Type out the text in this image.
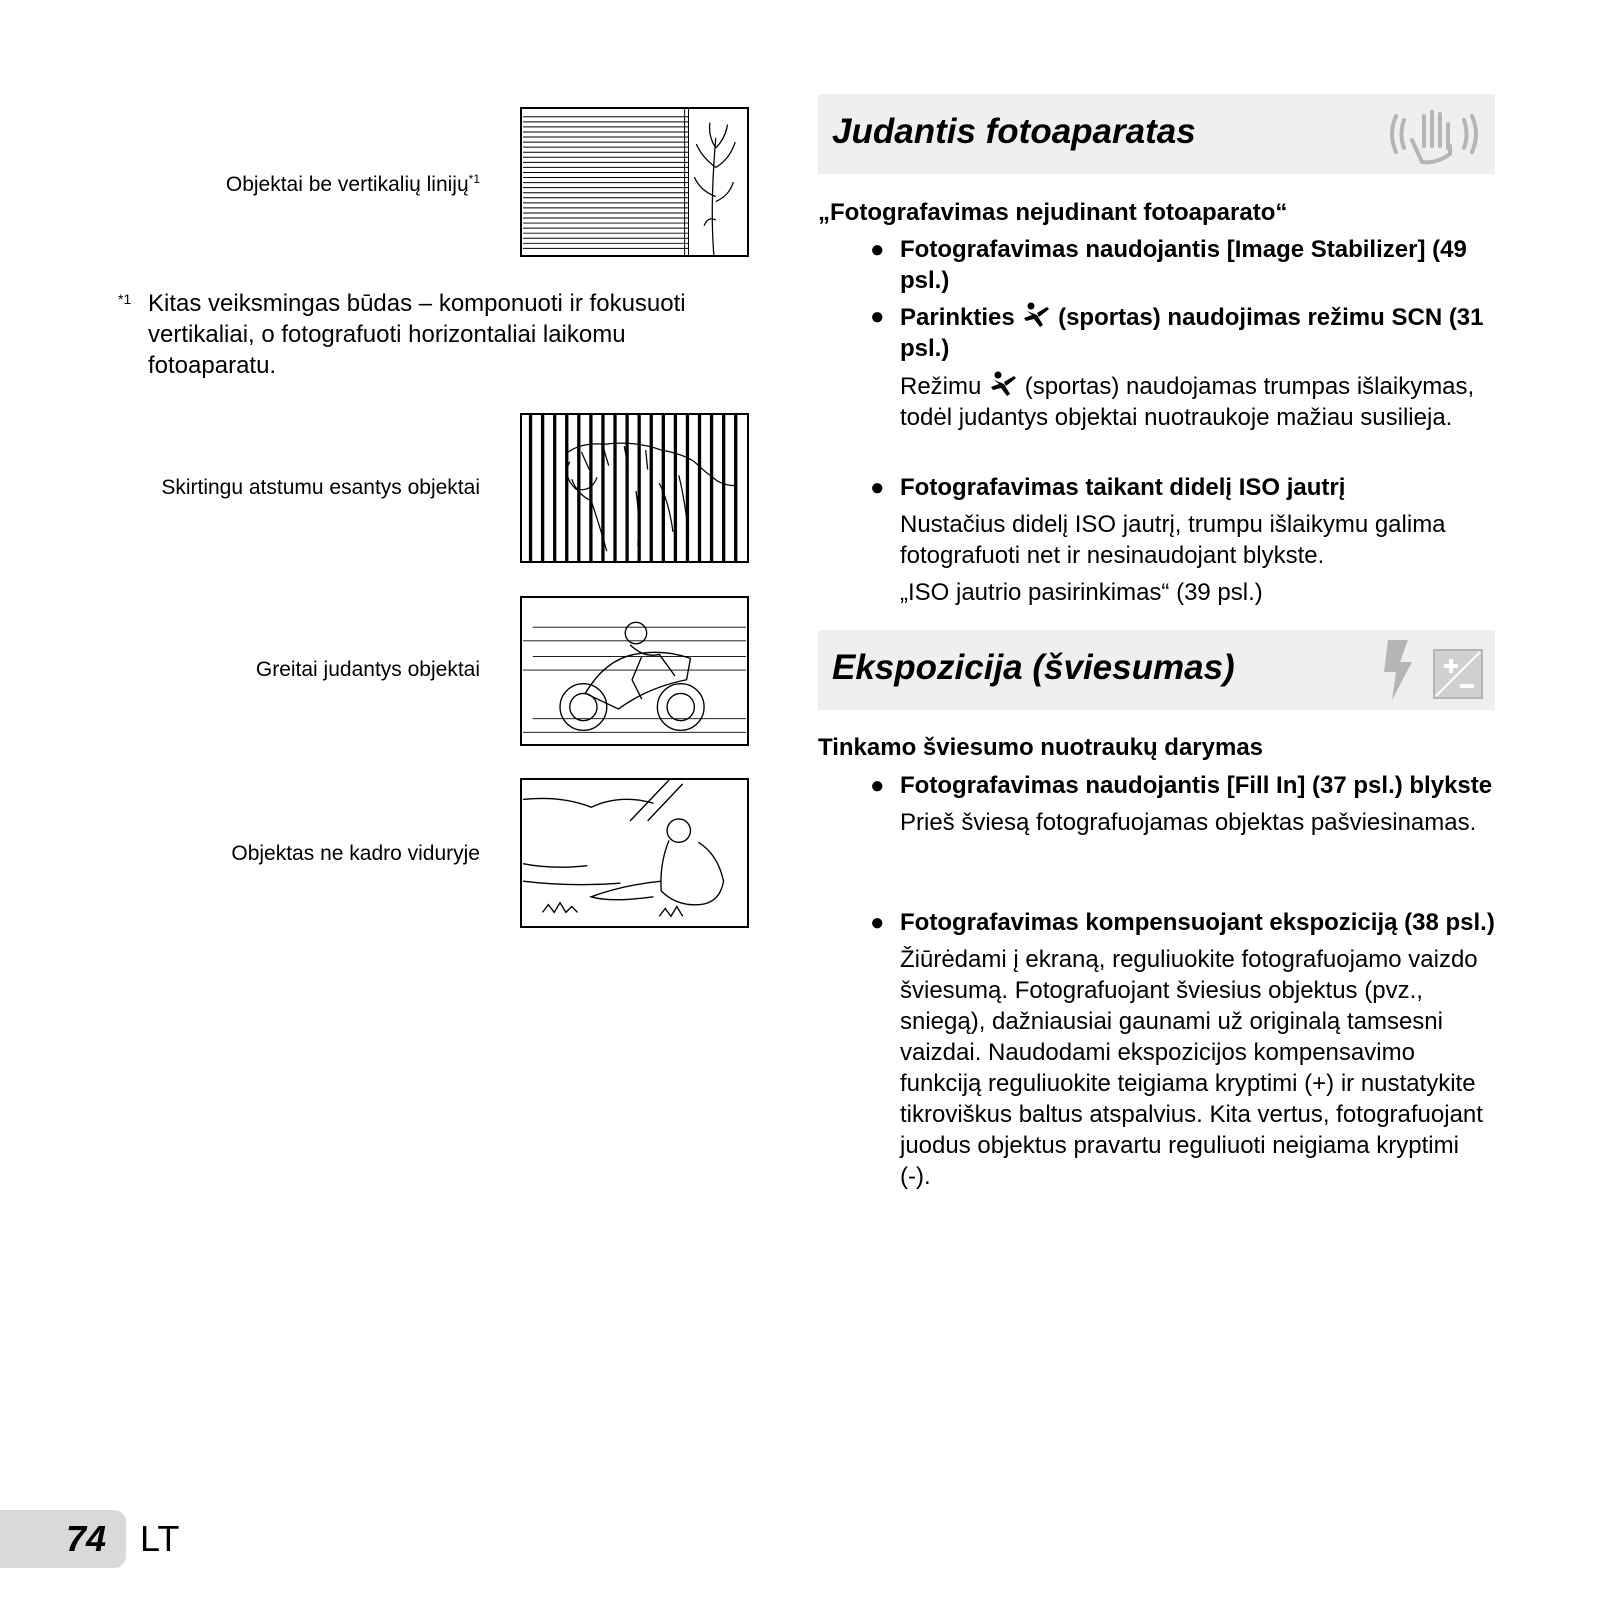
Objektai be vertikalių linijų$^{*1}$
*1 Kitas veiksmingas būdas – komponuoti ir fokusuoti vertikaliai, o fotografuoti horizontaliai laikomu fotoaparatu.
Skirtingu atstumu esantys objektai
Greitai judantys objektai
Objektas ne kadro viduryje
Judantis fotoaparatas
„Fotografavimas nejudinant fotoaparato“
● Fotografavimas naudojantis [Image Stabilizer] (49 psl.)
● Parinkties (sportas) naudojimas režimu SCN (31 psl.)
Režimu (sportas) naudojamas trumpas išlaikymas, todėl judantys objektai nuotraukoje mažiau susilieja.
● Fotografavimas taikant didelį ISO jautrį
Nustačius didelį ISO jautrį, trumpu išlaikymu galima fotografuoti net ir nesinaudojant blykste.
„ISO jautrio pasirinkimas“ (39 psl.)
Ekspozicija (šviesumas)
Tinkamo šviesumo nuotraukų darymas
● Fotografavimas naudojantis [Fill In] (37 psl.) blykste
Prieš šviesą fotografuojamas objektas pašviesinamas.
● Fotografavimas kompensuojant ekspoziciją (38 psl.)
Žiūrėdami į ekraną, reguliuokite fotografuojamo vaizdo šviesumą. Fotografuojant šviesius objektus (pvz., sniegą), dažniausiai gaunami už originalą tamsesni vaizdai. Naudodami ekspozicijos kompensavimo funkciją reguliuokite teigiama kryptimi (+) ir nustatykite tikroviškus baltus atspalvius. Kita vertus, fotografuojant juodus objektus pravartu reguliuoti neigiama kryptimi (-).
74 LT
